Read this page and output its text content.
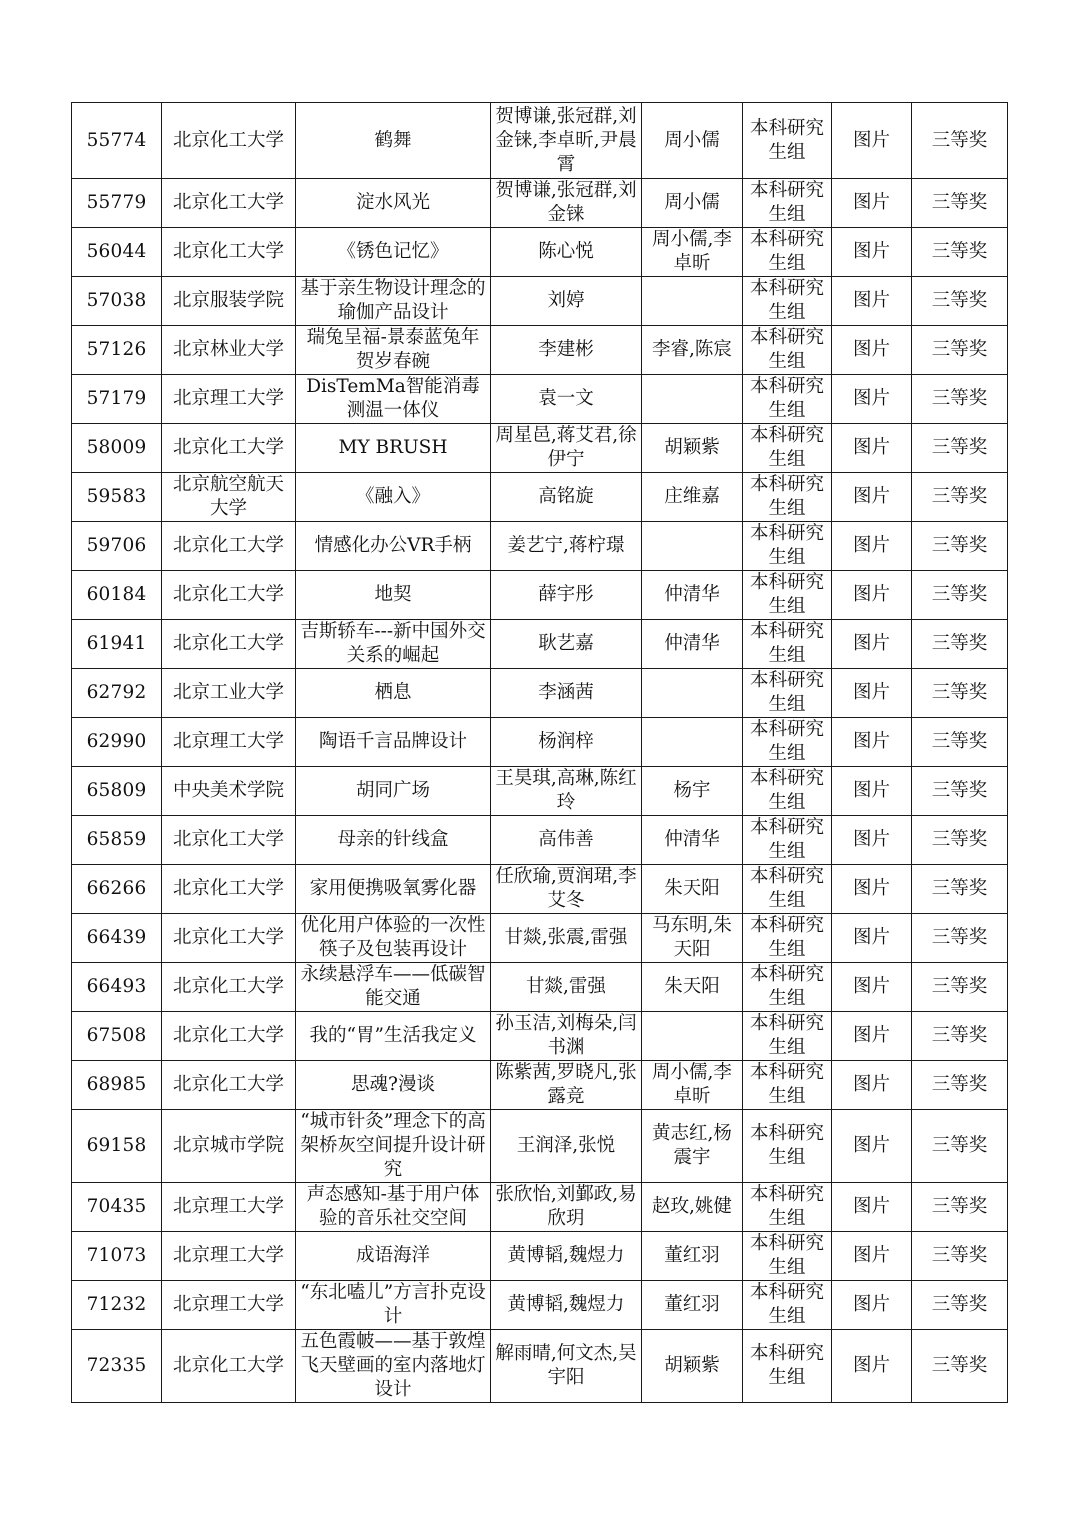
55774	北京化工大学	鹤舞	贺博谦,张冠群,刘金铼,李卓昕,尹晨霄	周小儒	本科研究生组	图片	三等奖
55779	北京化工大学	淀水风光	贺博谦,张冠群,刘金铼	周小儒	本科研究生组	图片	三等奖
56044	北京化工大学	《锈色记忆》	陈心悦	周小儒,李卓昕	本科研究生组	图片	三等奖
57038	北京服装学院	基于亲生物设计理念的瑜伽产品设计	刘婷		本科研究生组	图片	三等奖
57126	北京林业大学	瑞兔呈福-景泰蓝兔年贺岁春碗	李建彬	李睿,陈宸	本科研究生组	图片	三等奖
57179	北京理工大学	DisTemMa智能消毒测温一体仪	袁一文		本科研究生组	图片	三等奖
58009	北京化工大学	MY BRUSH	周星邑,蒋艾君,徐伊宁	胡颖紫	本科研究生组	图片	三等奖
59583	北京航空航天大学	《融入》	高铭旋	庄维嘉	本科研究生组	图片	三等奖
59706	北京化工大学	情感化办公VR手柄	姜艺宁,蒋柠璟		本科研究生组	图片	三等奖
60184	北京化工大学	地契	薛宇彤	仲清华	本科研究生组	图片	三等奖
61941	北京化工大学	吉斯轿车---新中国外交关系的崛起	耿艺嘉	仲清华	本科研究生组	图片	三等奖
62792	北京工业大学	栖息	李涵茜		本科研究生组	图片	三等奖
62990	北京理工大学	陶语千言品牌设计	杨润梓		本科研究生组	图片	三等奖
65809	中央美术学院	胡同广场	王昊琪,高琳,陈红玲	杨宇	本科研究生组	图片	三等奖
65859	北京化工大学	母亲的针线盒	高伟善	仲清华	本科研究生组	图片	三等奖
66266	北京化工大学	家用便携吸氧雾化器	任欣瑜,贾润珺,李艾冬	朱天阳	本科研究生组	图片	三等奖
66439	北京化工大学	优化用户体验的一次性筷子及包装再设计	甘燚,张震,雷强	马东明,朱天阳	本科研究生组	图片	三等奖
66493	北京化工大学	永续悬浮车——低碳智能交通	甘燚,雷强	朱天阳	本科研究生组	图片	三等奖
67508	北京化工大学	我的“胃”生活我定义	孙玉洁,刘梅朵,闫书渊		本科研究生组	图片	三等奖
68985	北京化工大学	思魂?漫谈	陈紫茜,罗晓凡,张露竞	周小儒,李卓昕	本科研究生组	图片	三等奖
69158	北京城市学院	“城市针灸”理念下的高架桥灰空间提升设计研究	王润泽,张悦	黄志红,杨震宇	本科研究生组	图片	三等奖
70435	北京理工大学	声态感知-基于用户体验的音乐社交空间	张欣怡,刘鄞政,易欣玥	赵玫,姚健	本科研究生组	图片	三等奖
71073	北京理工大学	成语海洋	黄博韬,魏煜力	董红羽	本科研究生组	图片	三等奖
71232	北京理工大学	“东北嗑儿”方言扑克设计	黄博韬,魏煜力	董红羽	本科研究生组	图片	三等奖
72335	北京化工大学	五色霞帔——基于敦煌飞天壁画的室内落地灯设计	解雨晴,何文杰,吴宇阳	胡颖紫	本科研究生组	图片	三等奖
